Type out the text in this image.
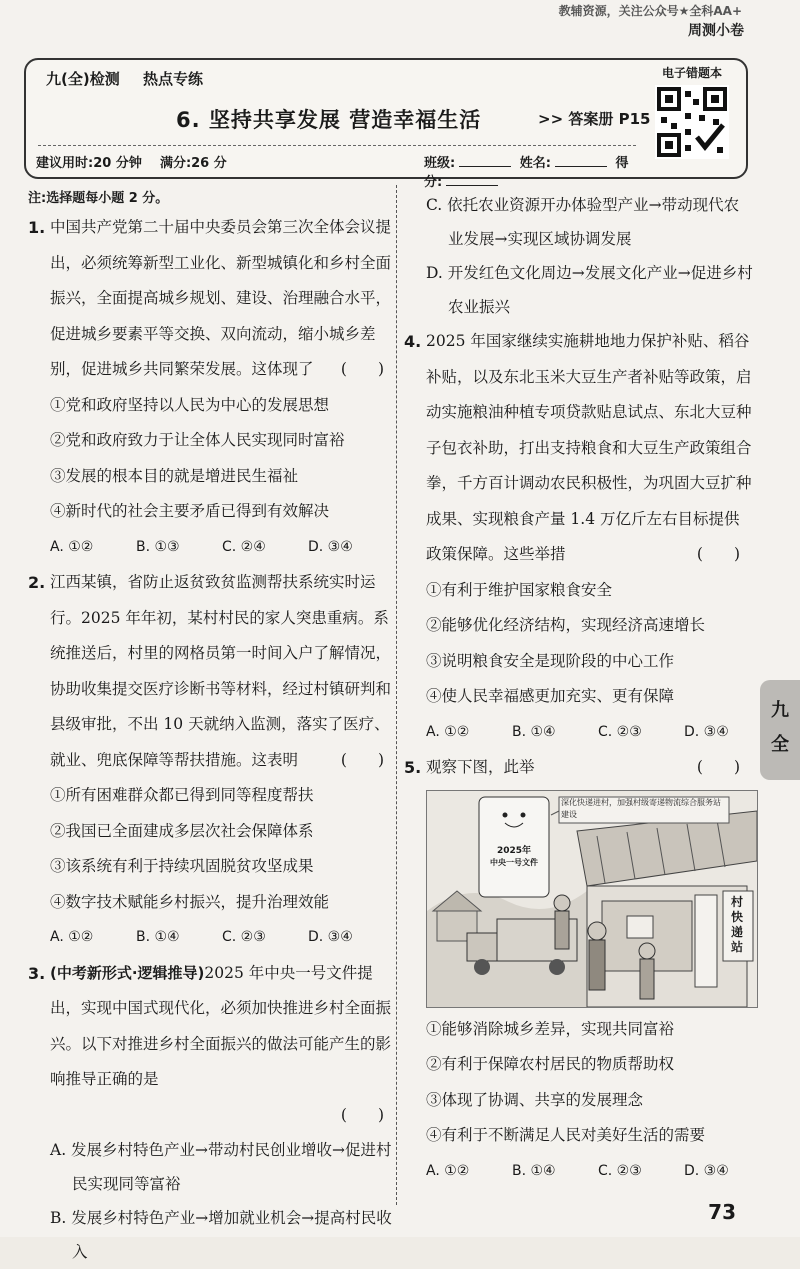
教辅资源，关注公众号★全科AA+
周测小卷
九(全)检测 热点专练
6. 坚持共享发展 营造幸福生活	>> 答案册 P15
建议用时:20 分钟 满分:26 分	班级:	姓名:	得分:
电子错题本
注:选择题每小题 2 分。
1. 中国共产党第二十届中央委员会第三次全体会议提出，必须统筹新型工业化、新型城镇化和乡村全面振兴，全面提高城乡规划、建设、治理融合水平，促进城乡要素平等交换、双向流动，缩小城乡差别，促进城乡共同繁荣发展。这体现了 (　　)
①党和政府坚持以人民为中心的发展思想
②党和政府致力于让全体人民实现同时富裕
③发展的根本目的就是增进民生福祉
④新时代的社会主要矛盾已得到有效解决
A. ①②	B. ①③	C. ②④	D. ③④
2. 江西某镇，省防止返贫致贫监测帮扶系统实时运行。2025 年年初，某村村民的家人突患重病。系统推送后，村里的网格员第一时间入户了解情况，协助收集提交医疗诊断书等材料，经过村镇研判和县级审批，不出 10 天就纳入监测，落实了医疗、就业、兜底保障等帮扶措施。这表明	(　　)
①所有困难群众都已得到同等程度帮扶
②我国已全面建成多层次社会保障体系
③该系统有利于持续巩固脱贫攻坚成果
④数字技术赋能乡村振兴，提升治理效能
A. ①②	B. ①④	C. ②③	D. ③④
3. (中考新形式·逻辑推导)2025 年中央一号文件提出，实现中国式现代化，必须加快推进乡村全面振兴。以下对推进乡村全面振兴的做法可能产生的影响推导正确的是
(　　)
A. 发展乡村特色产业→带动村民创业增收→促进村民实现同等富裕
B. 发展乡村特色产业→增加就业机会→提高村民收入
C. 依托农业资源开办体验型产业→带动现代农业发展→实现区域协调发展
D. 开发红色文化周边→发展文化产业→促进乡村农业振兴
4. 2025 年国家继续实施耕地地力保护补贴、稻谷补贴，以及东北玉米大豆生产者补贴等政策，启动实施粮油种植专项贷款贴息试点、东北大豆种子包衣补助，打出支持粮食和大豆生产政策组合拳，千方百计调动农民积极性，为巩固大豆扩种成果、实现粮食产量 1.4 万亿斤左右目标提供政策保障。这些举措	(　　)
①有利于维护国家粮食安全
②能够优化经济结构，实现经济高速增长
③说明粮食安全是现阶段的中心工作
④使人民幸福感更加充实、更有保障
A. ①②	B. ①④	C. ②③	D. ③④
5. 观察下图，此举	(　　)
2025年
中央一号文件
深化快递进村，加强村级寄递物流综合服务站建设
村快递站
①能够消除城乡差异，实现共同富裕
②有利于保障农村居民的物质帮助权
③体现了协调、共享的发展理念
④有利于不断满足人民对美好生活的需要
A. ①②	B. ①④	C. ②③	D. ③④
九
全
73
